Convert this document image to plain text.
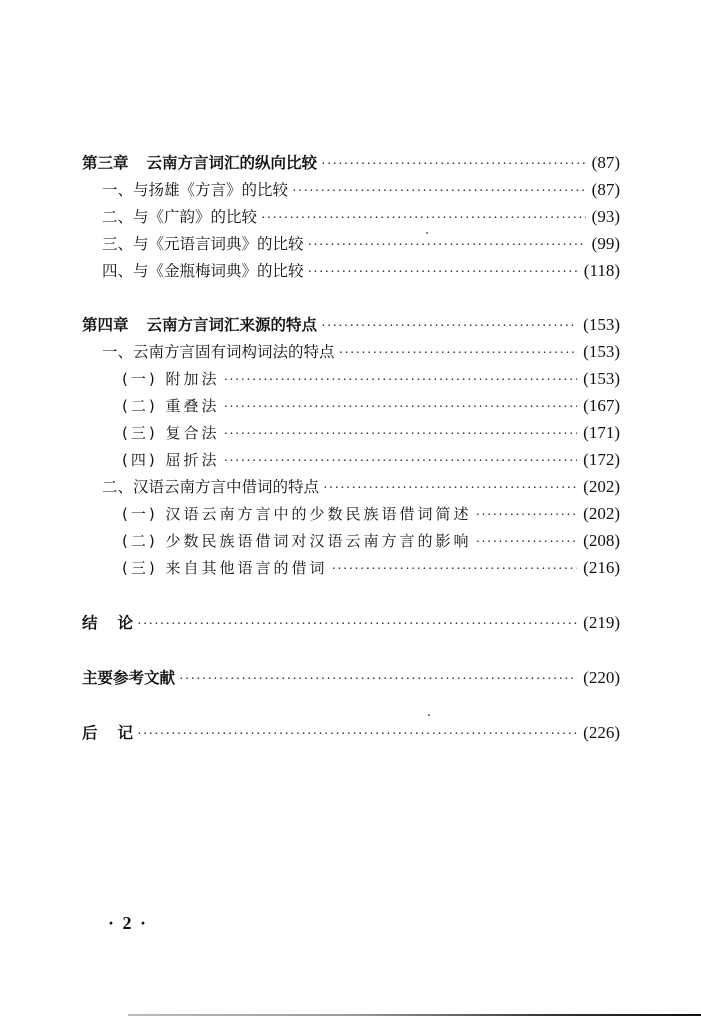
第三章 云南方言词汇的纵向比较 ·····	(87)
一、与扬雄《方言》的比较 ·····	(87)
二、与《广韵》的比较 ·····	(93)
三、与《元语言词典》的比较 ·····	(99)
四、与《金瓶梅词典》的比较 ·····	(118)
第四章 云南方言词汇来源的特点 ·····	(153)
一、云南方言固有词构词法的特点 ·····	(153)
(一) 附加法 ·····	(153)
(二) 重叠法 ·····	(167)
(三) 复合法 ·····	(171)
(四) 屈折法 ·····	(172)
二、汉语云南方言中借词的特点 ·····	(202)
(一) 汉语云南方言中的少数民族语借词简述 ·····	(202)
(二) 少数民族语借词对汉语云南方言的影响 ·····	(208)
(三) 来自其他语言的借词 ·····	(216)
结 论 ·····	(219)
主要参考文献 ·····	(220)
后 记 ·····	(226)
· 2 ·
